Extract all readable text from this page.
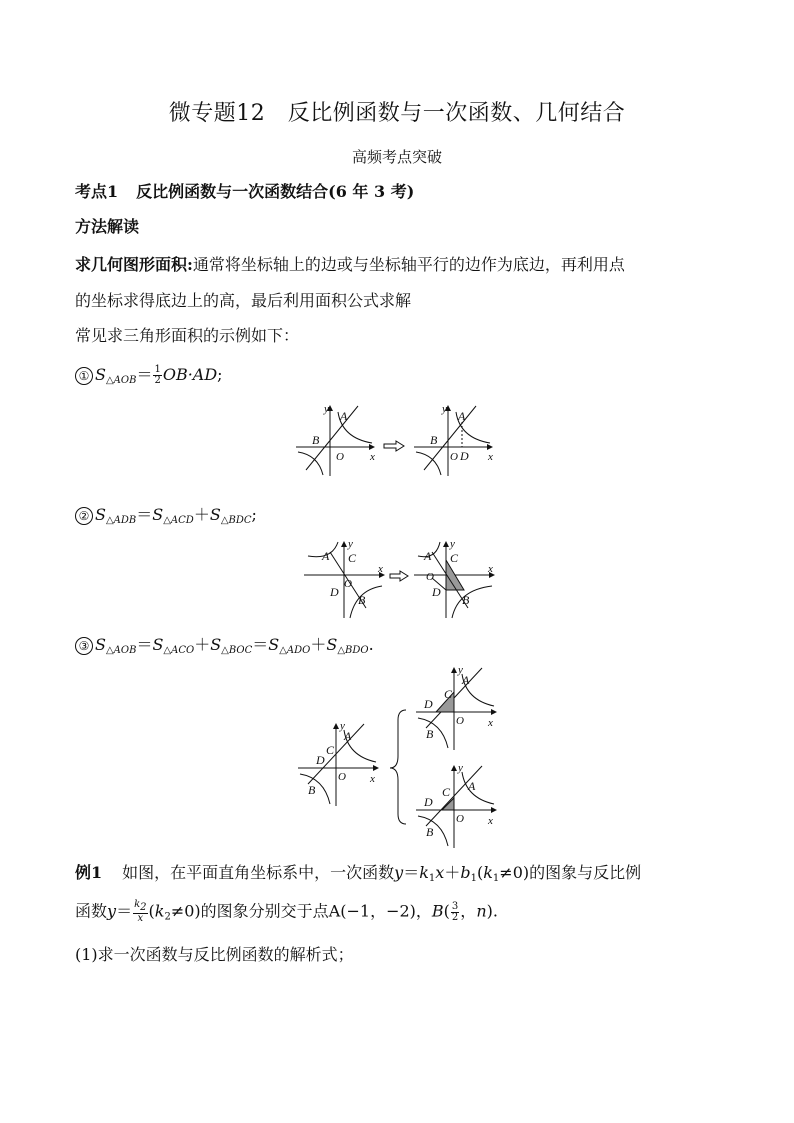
微专题12　反比例函数与一次函数、几何结合
高频考点突破
考点1 反比例函数与一次函数结合(6 年 3 考)
方法解读
求几何图形面积:通常将坐标轴上的边或与坐标轴平行的边作为底边，再利用点
的坐标求得底边上的高，最后利用面积公式求解
常见求三角形面积的示例如下：
① $S_{\triangle AOB}= \frac{1}{2} OB\cdot AD$;
y A
B
O x
y A
B
O D x
② $S_{\triangle ADB}=S_{\triangle ACD}+S_{\triangle BDC}$;
y
A C
O
D
B
x
y
A C
O
D
B
x
③ $S_{\triangle AOB}=S_{\triangle ACO}+S_{\triangle BOC}=S_{\triangle ADO}+S_{\triangle BDO}$.
y
A
C
D
O
B
x
y
A
C
D
O
B
x
y
A
C
D
O
B
x
例1 如图，在平面直角坐标系中，一次函数$y=k_1x+b_1(k_1\ne 0)$的图象与反比例
函数$y= \frac{k_2}{x} (k_2\ne 0)$的图象分别交于点A(−1，−2)，$B( \frac{3}{2}$ ，n).
(1)求一次函数与反比例函数的解析式；
